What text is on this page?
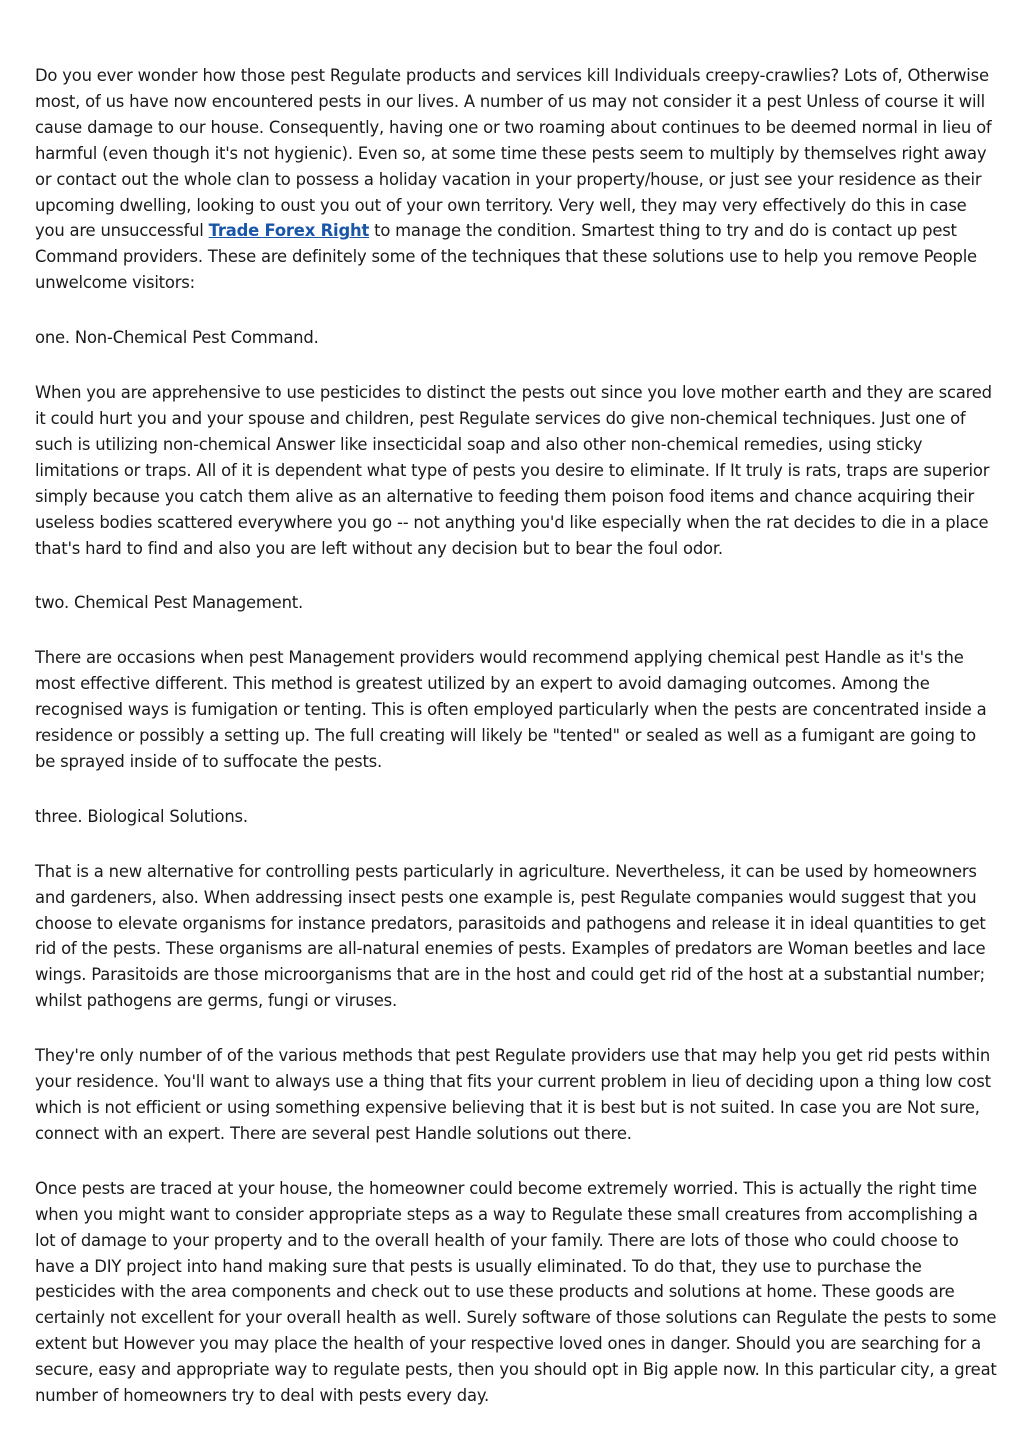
Do you ever wonder how those pest Regulate products and services kill Individuals creepy-crawlies? Lots of, Otherwise most, of us have now encountered pests in our lives. A number of us may not consider it a pest Unless of course it will cause damage to our house. Consequently, having one or two roaming about continues to be deemed normal in lieu of harmful (even though it's not hygienic). Even so, at some time these pests seem to multiply by themselves right away or contact out the whole clan to possess a holiday vacation in your property/house, or just see your residence as their upcoming dwelling, looking to oust you out of your own territory. Very well, they may very effectively do this in case you are unsuccessful Trade Forex Right to manage the condition. Smartest thing to try and do is contact up pest Command providers. These are definitely some of the techniques that these solutions use to help you remove People unwelcome visitors:

one. Non-Chemical Pest Command.

When you are apprehensive to use pesticides to distinct the pests out since you love mother earth and they are scared it could hurt you and your spouse and children, pest Regulate services do give non-chemical techniques. Just one of such is utilizing non-chemical Answer like insecticidal soap and also other non-chemical remedies, using sticky limitations or traps. All of it is dependent what type of pests you desire to eliminate. If It truly is rats, traps are superior simply because you catch them alive as an alternative to feeding them poison food items and chance acquiring their useless bodies scattered everywhere you go -- not anything you'd like especially when the rat decides to die in a place that's hard to find and also you are left without any decision but to bear the foul odor.

two. Chemical Pest Management.

There are occasions when pest Management providers would recommend applying chemical pest Handle as it's the most effective different. This method is greatest utilized by an expert to avoid damaging outcomes. Among the recognised ways is fumigation or tenting. This is often employed particularly when the pests are concentrated inside a residence or possibly a setting up. The full creating will likely be "tented" or sealed as well as a fumigant are going to be sprayed inside of to suffocate the pests.

three. Biological Solutions.

That is a new alternative for controlling pests particularly in agriculture. Nevertheless, it can be used by homeowners and gardeners, also. When addressing insect pests one example is, pest Regulate companies would suggest that you choose to elevate organisms for instance predators, parasitoids and pathogens and release it in ideal quantities to get rid of the pests. These organisms are all-natural enemies of pests. Examples of predators are Woman beetles and lace wings. Parasitoids are those microorganisms that are in the host and could get rid of the host at a substantial number; whilst pathogens are germs, fungi or viruses.

They're only number of of the various methods that pest Regulate providers use that may help you get rid pests within your residence. You'll want to always use a thing that fits your current problem in lieu of deciding upon a thing low cost which is not efficient or using something expensive believing that it is best but is not suited. In case you are Not sure, connect with an expert. There are several pest Handle solutions out there.

Once pests are traced at your house, the homeowner could become extremely worried. This is actually the right time when you might want to consider appropriate steps as a way to Regulate these small creatures from accomplishing a lot of damage to your property and to the overall health of your family. There are lots of those who could choose to have a DIY project into hand making sure that pests is usually eliminated. To do that, they use to purchase the pesticides with the area components and check out to use these products and solutions at home. These goods are certainly not excellent for your overall health as well. Surely software of those solutions can Regulate the pests to some extent but However you may place the health of your respective loved ones in danger. Should you are searching for a secure, easy and appropriate way to regulate pests, then you should opt in Big apple now. In this particular city, a great number of homeowners try to deal with pests every day.
